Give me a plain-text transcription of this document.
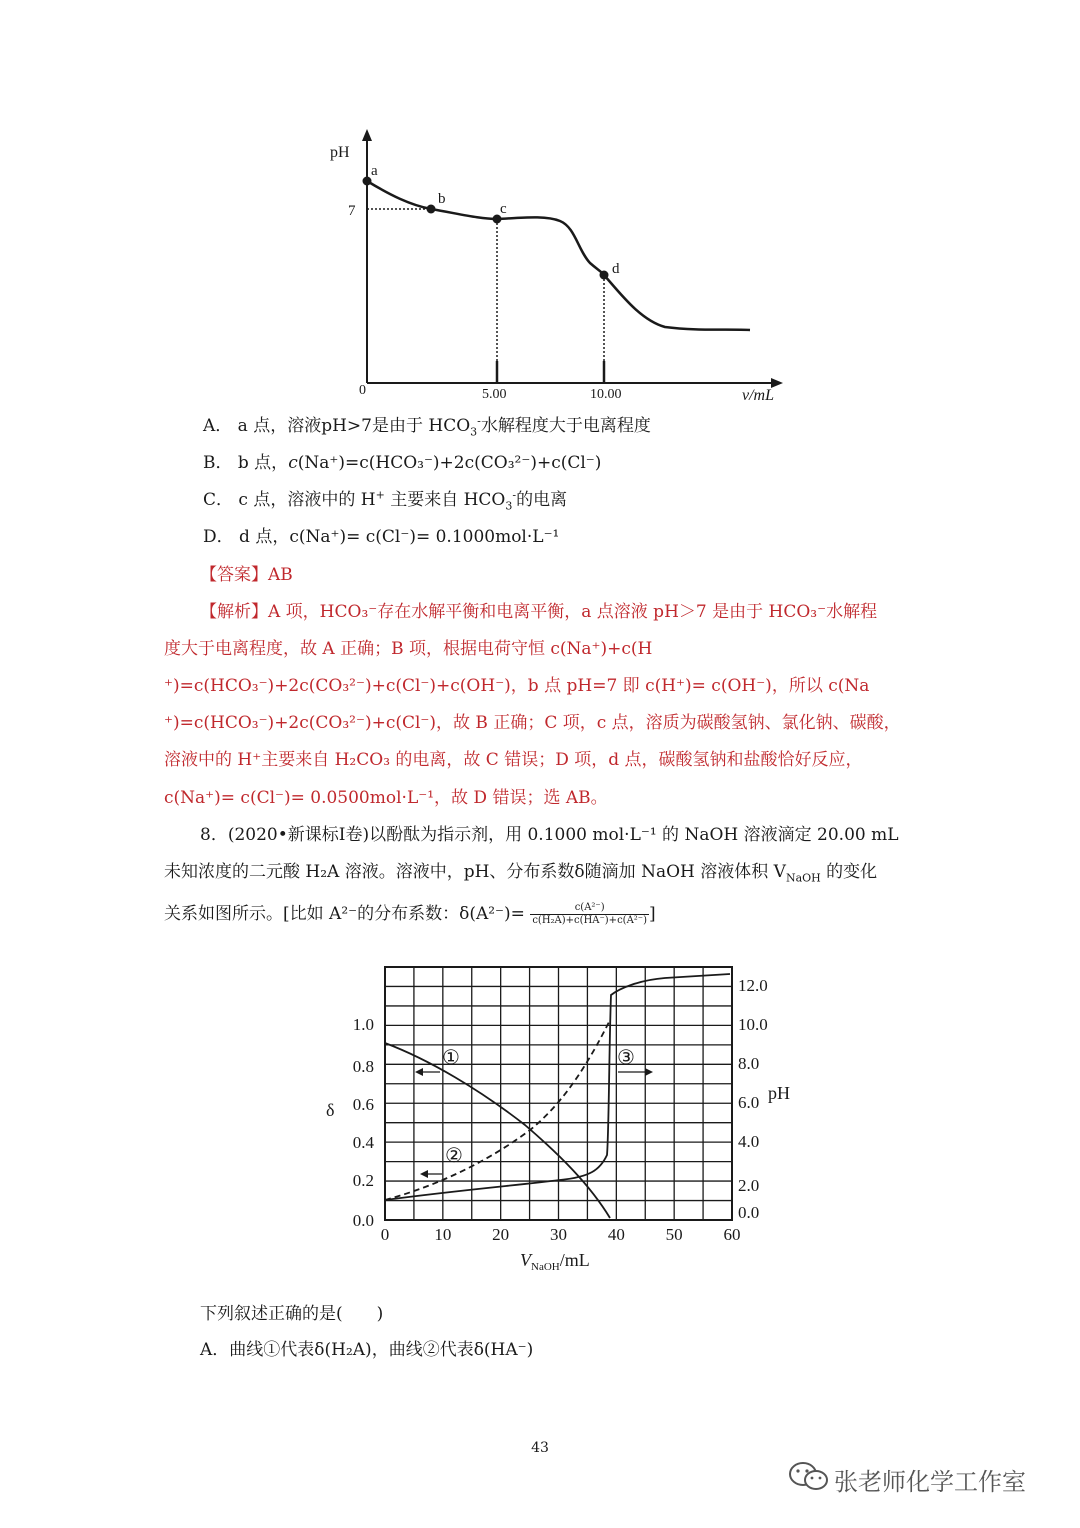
pH
v/mL
7
0	5.00	10.00
a
b
c
d
A． a 点，溶液pH>7是由于 $HCO_3^-$水解程度大于电离程度
B． b 点，c(Na⁺)=c(HCO₃⁻)+2c(CO₃²⁻)+c(Cl⁻)
C． c 点，溶液中的 H+ 主要来自 $HCO_3^-$的电离
D． d 点，c(Na⁺)= c(Cl⁻)= 0.1000mol·L⁻¹
【答案】AB
【解析】A 项，HCO₃⁻存在水解平衡和电离平衡，a 点溶液 pH＞7 是由于 HCO₃⁻水解程
度大于电离程度，故 A 正确；B 项，根据电荷守恒 c(Na⁺)+c(H
⁺)=c(HCO₃⁻)+2c(CO₃²⁻)+c(Cl⁻)+c(OH⁻)，b 点 pH=7 即 c(H⁺)= c(OH⁻)，所以 c(Na
⁺)=c(HCO₃⁻)+2c(CO₃²⁻)+c(Cl⁻)，故 B 正确；C 项，c 点，溶质为碳酸氢钠、氯化钠、碳酸，
溶液中的 H⁺主要来自 H₂CO₃ 的电离，故 C 错误；D 项，d 点，碳酸氢钠和盐酸恰好反应，
c(Na⁺)= c(Cl⁻)= 0.0500mol·L⁻¹，故 D 错误；选 AB。
8．(2020•新课标Ⅰ卷)以酚酞为指示剂，用 0.1000 mol·L⁻¹ 的 NaOH 溶液滴定 20.00 mL
未知浓度的二元酸 H₂A 溶液。溶液中，pH、分布系数δ随滴加 NaOH 溶液体积 $V_{NaOH}$ 的变化
关系如图所示。[比如 A²⁻的分布系数：$\delta(A^{2-})= \frac{\text{c(A²⁻)}}{\text{c(H₂A)+c(HA⁻)+c(A²⁻)}}$ ]
①
②
③
0.0
0.2
0.4
0.6
0.8
1.0
0.0
2.0
4.0
6.0
8.0
10.0
12.0
0	10 20 30 40 50 60
δ
pH
$V_{NaOH}/mL$
下列叙述正确的是(　　)
A．曲线①代表δ(H₂A)，曲线②代表δ(HA⁻)
43
张老师化学工作室
